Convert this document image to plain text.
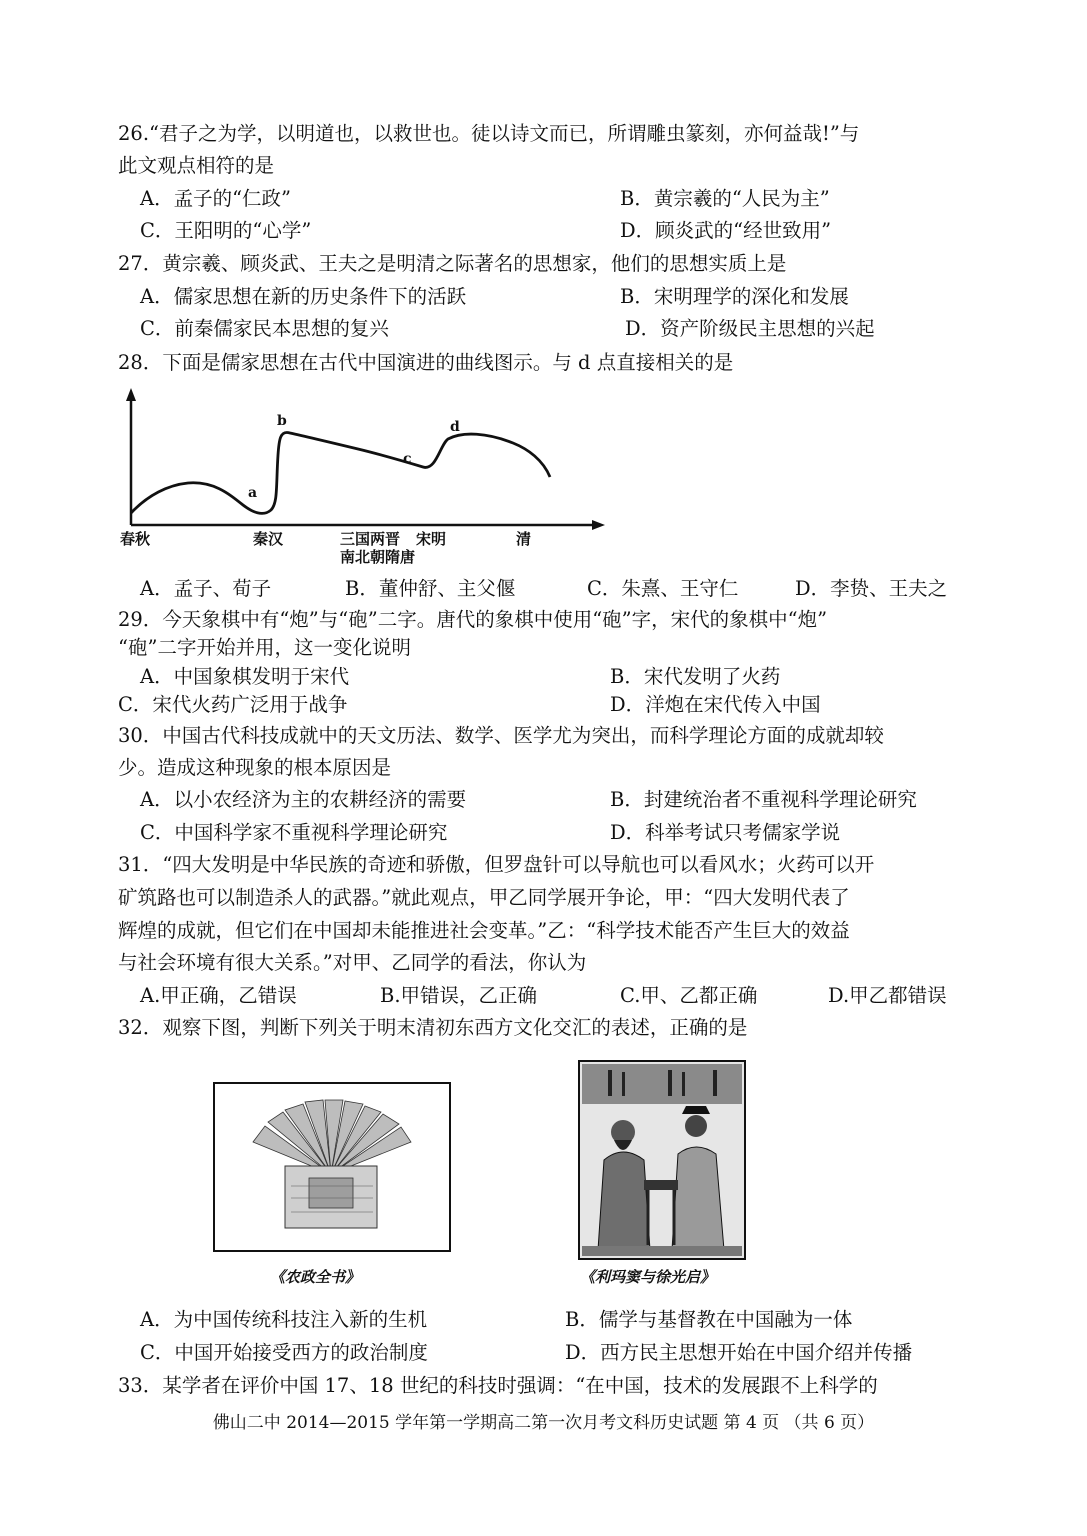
26.“君子之为学，以明道也，以救世也。徒以诗文而已，所谓雕虫篆刻，亦何益哉!”与
此文观点相符的是
A．孟子的“仁政”	B．黄宗羲的“人民为主”
C．王阳明的“心学”	D．顾炎武的“经世致用”
27．黄宗羲、顾炎武、王夫之是明清之际著名的思想家，他们的思想实质上是
A．儒家思想在新的历史条件下的活跃	B．宋明理学的深化和发展
C．前秦儒家民本思想的复兴	D．资产阶级民主思想的兴起
28．下面是儒家思想在古代中国演进的曲线图示。与 d 点直接相关的是
a
b
c
d
春秋	秦汉	三国两晋 宋明	清
南北朝隋唐
A．孟子、荀子	B．董仲舒、主父偃	C．朱熹、王守仁	D．李贽、王夫之
29．今天象棋中有“炮”与“砲”二字。唐代的象棋中使用“砲”字，宋代的象棋中“炮”
“砲”二字开始并用，这一变化说明
A．中国象棋发明于宋代	B．宋代发明了火药
C．宋代火药广泛用于战争	D．洋炮在宋代传入中国
30．中国古代科技成就中的天文历法、数学、医学尤为突出，而科学理论方面的成就却较
少。造成这种现象的根本原因是
A．以小农经济为主的农耕经济的需要	B．封建统治者不重视科学理论研究
C．中国科学家不重视科学理论研究	D．科举考试只考儒家学说
31．“四大发明是中华民族的奇迹和骄傲，但罗盘针可以导航也可以看风水；火药可以开
矿筑路也可以制造杀人的武器。”就此观点，甲乙同学展开争论，甲：“四大发明代表了
辉煌的成就，但它们在中国却未能推进社会变革。”乙：“科学技术能否产生巨大的效益
与社会环境有很大关系。”对甲、乙同学的看法，你认为
A.甲正确，乙错误	B.甲错误，乙正确	C.甲、乙都正确	D.甲乙都错误
32．观察下图，判断下列关于明末清初东西方文化交汇的表述，正确的是
《农政全书》	《利玛窦与徐光启》
A．为中国传统科技注入新的生机	B．儒学与基督教在中国融为一体
C．中国开始接受西方的政治制度	D．西方民主思想开始在中国介绍并传播
33．某学者在评价中国 17、18 世纪的科技时强调：“在中国，技术的发展跟不上科学的
佛山二中 2014—2015 学年第一学期高二第一次月考文科历史试题 第 4 页 （共 6 页）
